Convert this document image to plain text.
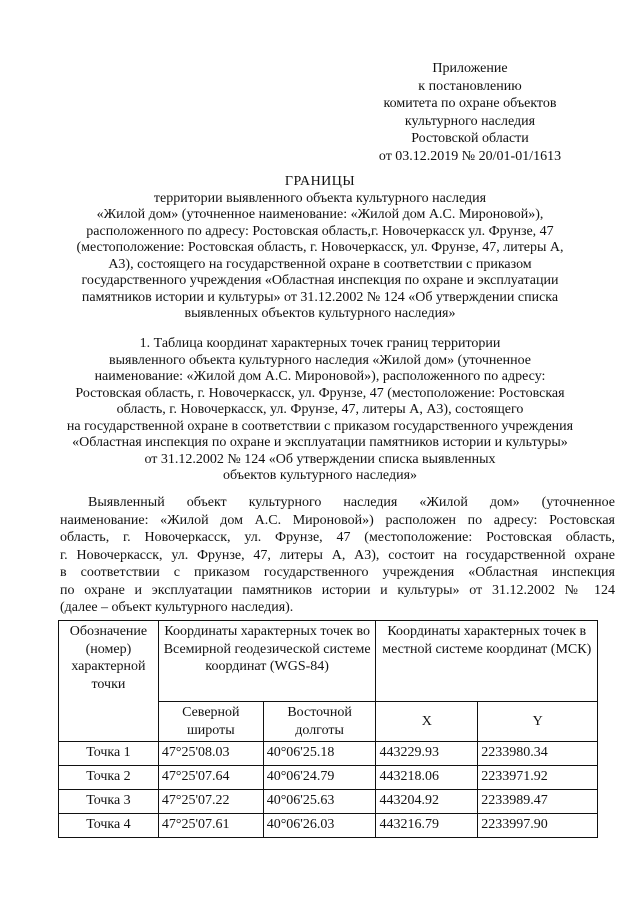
Приложение
к постановлению
комитета по охране объектов
культурного наследия
Ростовской области
от 03.12.2019 № 20/01-01/1613
ГРАНИЦЫ
территории выявленного объекта культурного наследия
«Жилой дом» (уточненное наименование: «Жилой дом А.С. Мироновой»),
расположенного по адресу: Ростовская область,г. Новочеркасск ул. Фрунзе, 47
(местоположение: Ростовская область, г. Новочеркасск, ул. Фрунзе, 47, литеры А,
А3), состоящего на государственной охране в соответствии с приказом
государственного учреждения «Областная инспекция по охране и эксплуатации
памятников истории и культуры» от 31.12.2002 № 124 «Об утверждении списка
выявленных объектов культурного наследия»
1. Таблица координат характерных точек границ территории
выявленного объекта культурного наследия «Жилой дом» (уточненное
наименование: «Жилой дом А.С. Мироновой»), расположенного по адресу:
Ростовская область, г. Новочеркасск, ул. Фрунзе, 47 (местоположение: Ростовская
область, г. Новочеркасск, ул. Фрунзе, 47, литеры А, А3), состоящего
на государственной охране в соответствии с приказом государственного учреждения
«Областная инспекция по охране и эксплуатации памятников истории и культуры»
от 31.12.2002 № 124 «Об утверждении списка выявленных
объектов культурного наследия»
Выявленный объект культурного наследия «Жилой дом» (уточненное
наименование: «Жилой дом А.С. Мироновой») расположен по адресу: Ростовская
область, г. Новочеркасск, ул. Фрунзе, 47 (местоположение: Ростовская область,
г. Новочеркасск, ул. Фрунзе, 47, литеры А, А3), состоит на государственной охране
в соответствии с приказом государственного учреждения «Областная инспекция
по охране и эксплуатации памятников истории и культуры» от 31.12.2002 № 124
(далее – объект культурного наследия).
Обозначение (номер) характерной точки	Координаты характерных точек во Всемирной геодезической системе координат (WGS-84)		Координаты характерных точек в местной системе координат (МСК)	
	Северной широты	Восточной долготы	X	Y
Точка 1	47°25'08.03	40°06'25.18	443229.93	2233980.34
Точка 2	47°25'07.64	40°06'24.79	443218.06	2233971.92
Точка 3	47°25'07.22	40°06'25.63	443204.92	2233989.47
Точка 4	47°25'07.61	40°06'26.03	443216.79	2233997.90
